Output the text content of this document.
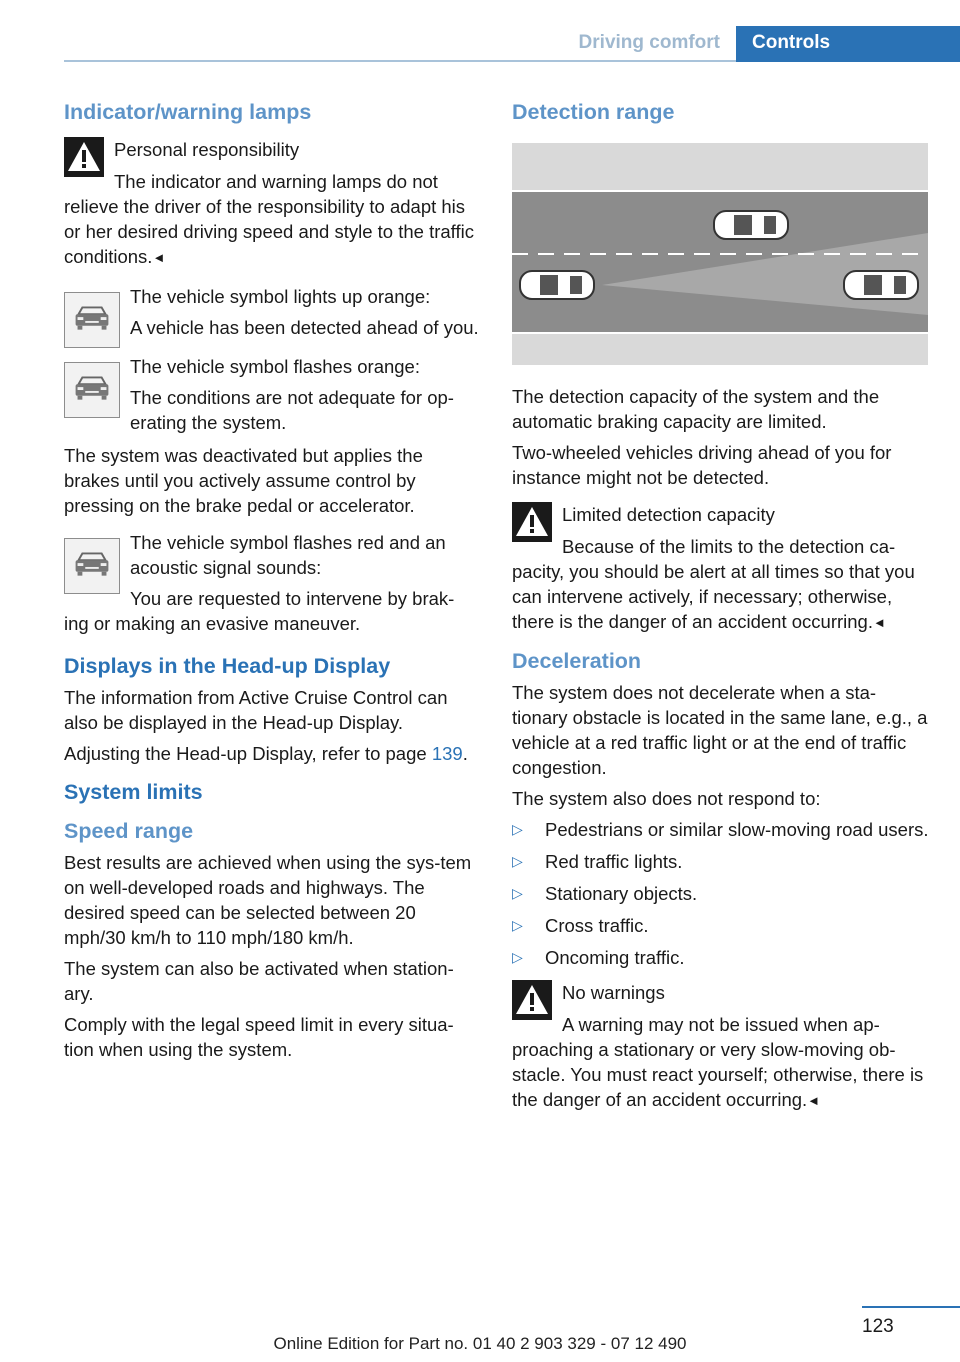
Driving comfort	Controls
Indicator/warning lamps
Personal responsibility

The indicator and warning lamps do not

relieve the driver of the responsibility to adapt his or her desired driving speed and style to the traffic conditions.◄

The vehicle symbol lights up orange:

A vehicle has been detected ahead of you.

The vehicle symbol flashes orange:

The conditions are not adequate for op-erating the system.

The system was deactivated but applies the brakes until you actively assume control by pressing on the brake pedal or accelerator.

The vehicle symbol flashes red and an acoustic signal sounds:

You are requested to intervene by brak-

ing or making an evasive maneuver.

Displays in the Head-up Display

The information from Active Cruise Control can also be displayed in the Head-up Display.

Adjusting the Head-up Display, refer to page 139.

System limits
Speed range

Best results are achieved when using the sys-tem on well-developed roads and highways. The desired speed can be selected between 20 mph/30 km/h to 110 mph/180 km/h.

The system can also be activated when station-ary.

Comply with the legal speed limit in every situa-tion when using the system.

Detection range

The detection capacity of the system and the automatic braking capacity are limited.

Two-wheeled vehicles driving ahead of you for instance might not be detected.

Limited detection capacity

Because of the limits to the detection ca-

pacity, you should be alert at all times so that you can intervene actively, if necessary; otherwise, there is the danger of an accident occurring.◄

Deceleration

The system does not decelerate when a sta-tionary obstacle is located in the same lane, e.g., a vehicle at a red traffic light or at the end of traffic congestion.

The system also does not respond to:

▷ Pedestrians or similar slow-moving road users.
▷ Red traffic lights.
▷ Stationary objects.
▷ Cross traffic.
▷ Oncoming traffic.
No warnings

A warning may not be issued when ap-

proaching a stationary or very slow-moving ob-stacle. You must react yourself; otherwise, there is the danger of an accident occurring.◄

123
Online Edition for Part no. 01 40 2 903 329 - 07 12 490
